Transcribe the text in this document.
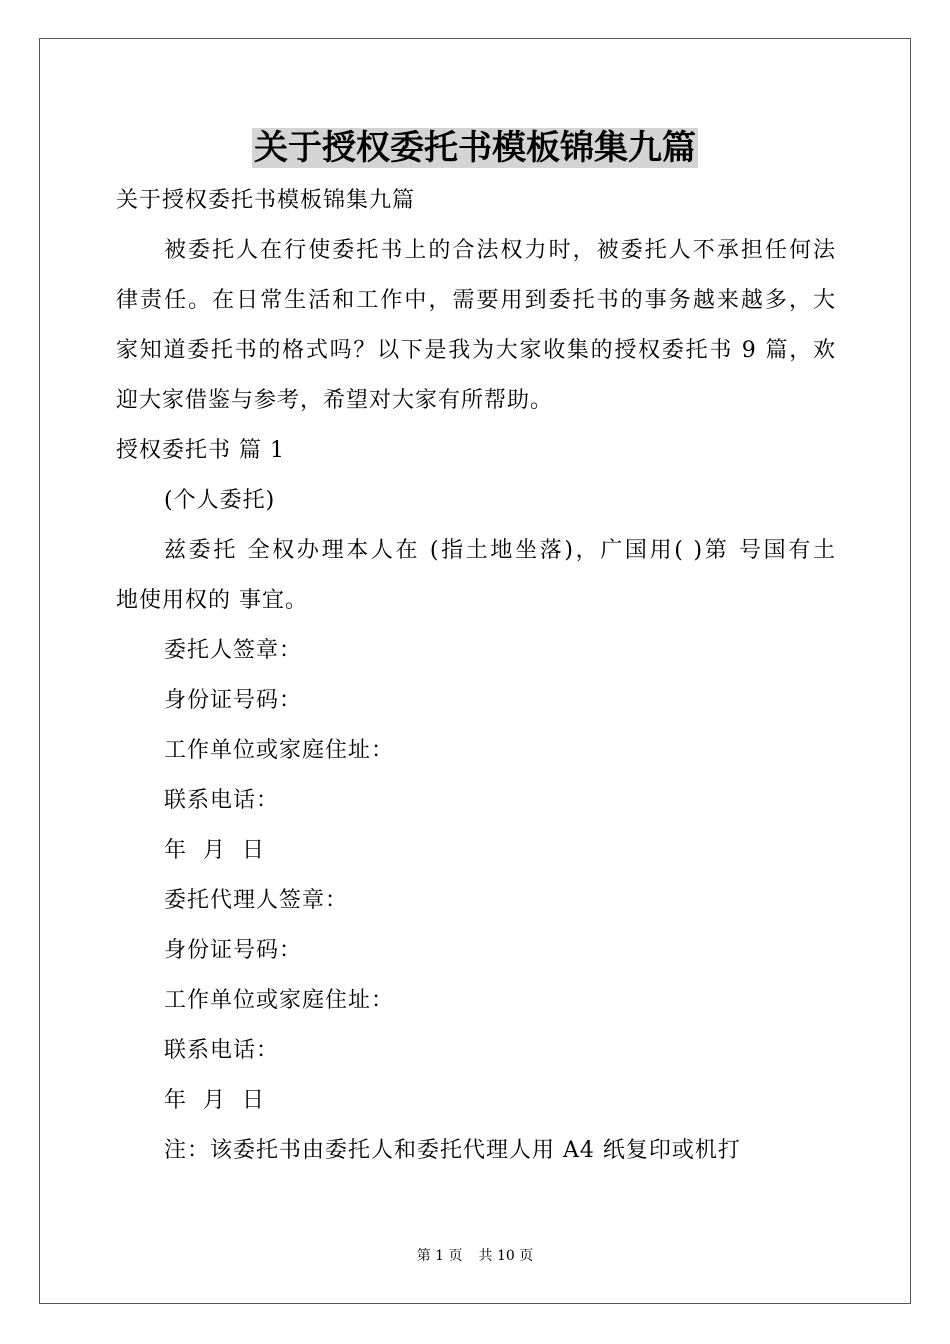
关于授权委托书模板锦集九篇
关于授权委托书模板锦集九篇
被委托人在行使委托书上的合法权力时，被委托人不承担任何法
律责任。在日常生活和工作中，需要用到委托书的事务越来越多，大
家知道委托书的格式吗？以下是我为大家收集的授权委托书 9 篇，欢
迎大家借鉴与参考，希望对大家有所帮助。
授权委托书 篇 1
(个人委托)
兹委托 全权办理本人在 (指土地坐落)，广国用( )第 号国有土
地使用权的 事宜。
委托人签章：
身份证号码：
工作单位或家庭住址：
联系电话：
年  月  日
委托代理人签章：
身份证号码：
工作单位或家庭住址：
联系电话：
年  月  日
注：该委托书由委托人和委托代理人用 A4 纸复印或机打
第 1 页 共 10 页
